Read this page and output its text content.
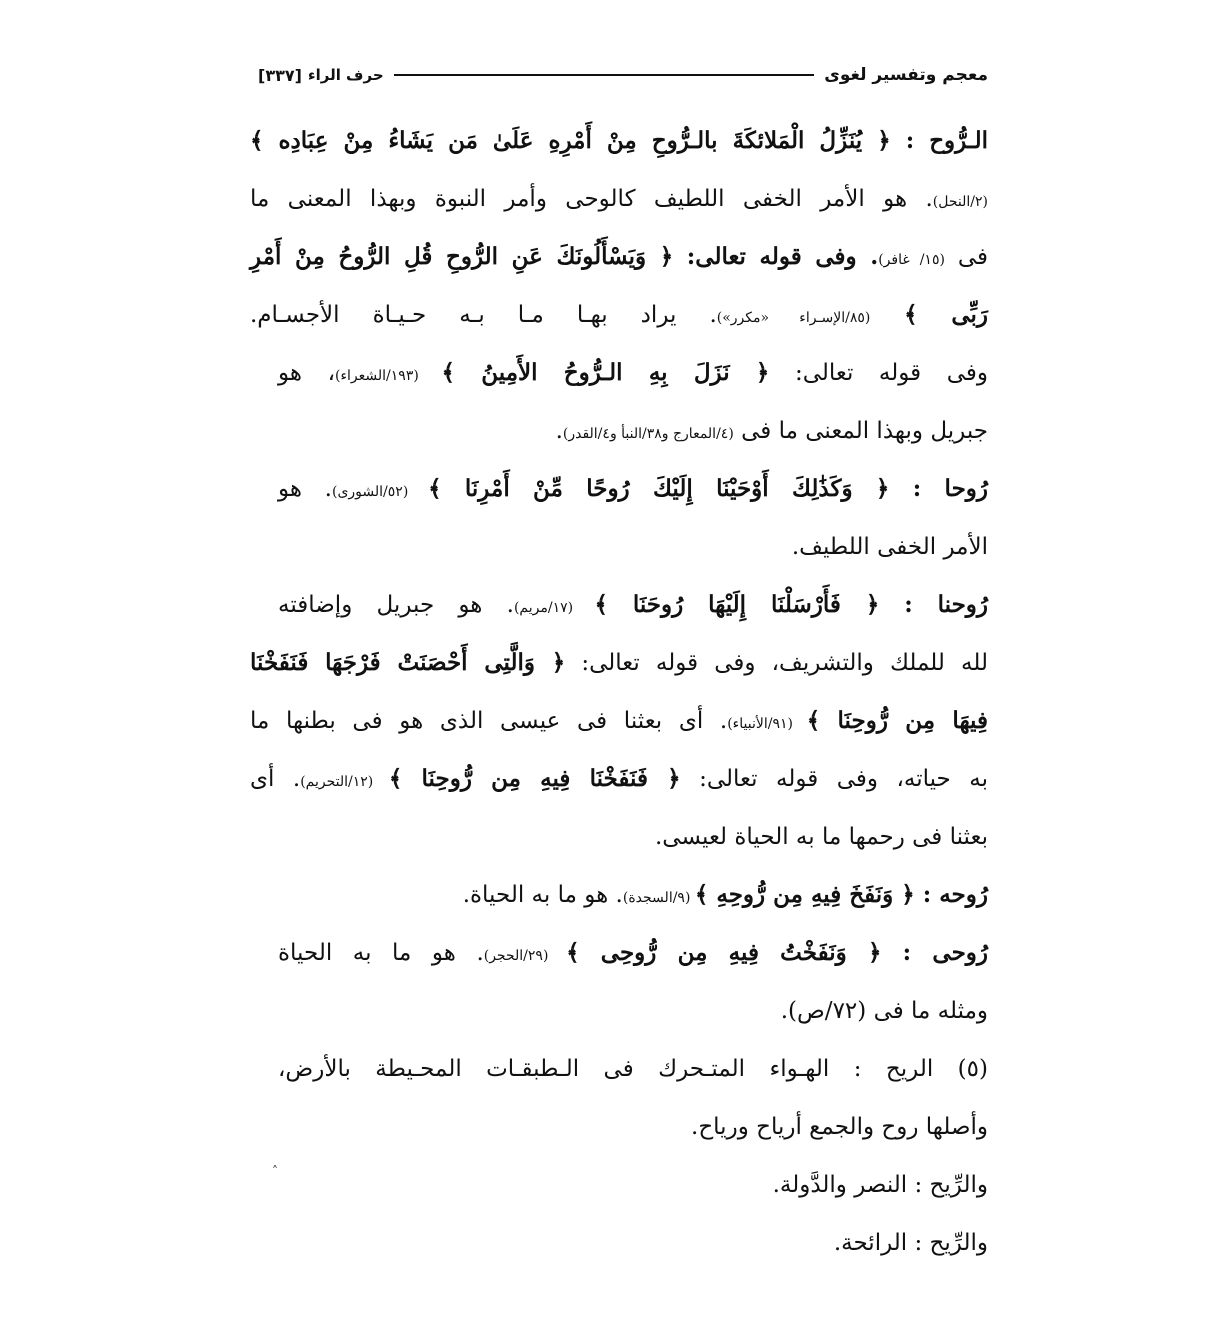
معجم وتفسير لغوى
حرف الراء
[٣٣٧]
الـرُّوح : ﴿ يُنَزِّلُ الْمَلائكَةَ بالـرُّوحِ مِنْ أَمْرِهِ عَلَىٰ مَن يَشَاءُ مِنْ عِبَادِه ﴾
(٢/النحل). هو الأمر الخفى اللطيف كالوحى وأمر النبوة وبهذا المعنى ما
فى (١٥/ غافر). وفى قوله تعالى: ﴿ وَيَسْأَلُونَكَ عَنِ الرُّوحِ قُلِ الرُّوحُ مِنْ أَمْرِ
رَبِّى ﴾ (٨٥/الإسـراء «مكرر»). يراد بهـا مـا بـه حـيـاة الأجسـام.
وفى قوله تعالى: ﴿ نَزَلَ بِهِ الـرُّوحُ الأَمِينُ ﴾ (١٩٣/الشعراء)، هو
جبريل وبهذا المعنى ما فى (٤/المعارج و٣٨/النبأ و٤/القدر).
رُوحا : ﴿ وَكَذَٰلِكَ أَوْحَيْنَا إِلَيْكَ رُوحًا مِّنْ أَمْرِنَا ﴾ (٥٢/الشورى). هو
الأمر الخفى اللطيف.
رُوحنا : ﴿ فَأَرْسَلْنَا إِلَيْهَا رُوحَنَا ﴾ (١٧/مريم). هو جبريل وإضافته
لله للملك والتشريف، وفى قوله تعالى: ﴿ وَالَّتِى أَحْصَنَتْ فَرْجَهَا فَنَفَخْنَا
فِيهَا مِن رُّوحِنَا ﴾ (٩١/الأنبياء). أى بعثنا فى عيسى الذى هو فى بطنها ما
به حياته، وفى قوله تعالى: ﴿ فَنَفَخْنَا فِيهِ مِن رُّوحِنَا ﴾ (١٢/التحريم). أى
بعثنا فى رحمها ما به الحياة لعيسى.
رُوحه : ﴿ وَنَفَخَ فِيهِ مِن رُّوحِهِ ﴾ (٩/السجدة). هو ما به الحياة.
رُوحى : ﴿ وَنَفَخْتُ فِيهِ مِن رُّوحِى ﴾ (٢٩/الحجر). هو ما به الحياة
ومثله ما فى (٧٢/ص).
(٥) الريح : الهـواء المتـحرك فى الـطبقـات المحـيطة بالأرض،
وأصلها روح والجمع أرياح ورياح.
والرِّيح : النصر والدَّولة.
والرِّيح : الرائحة.
˄
